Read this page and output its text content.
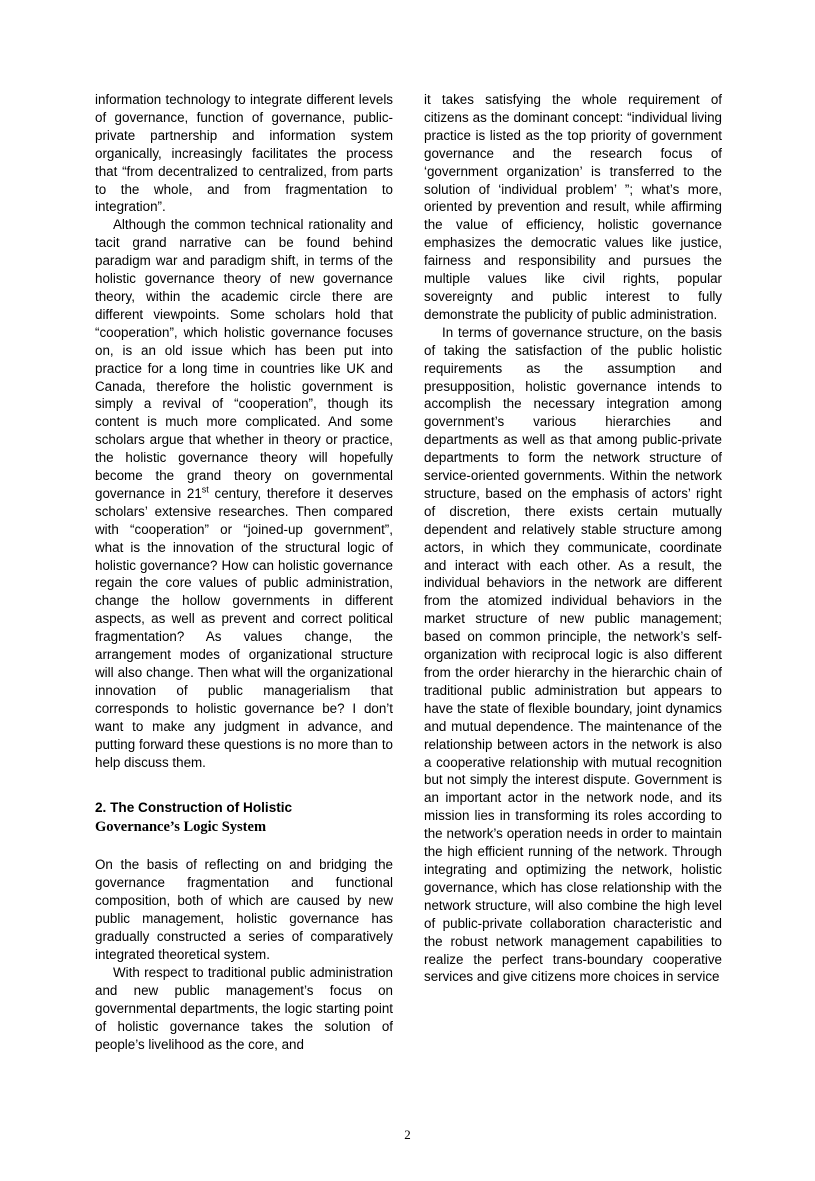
information technology to integrate different levels of governance, function of governance, public-private partnership and information system organically, increasingly facilitates the process that “from decentralized to centralized, from parts to the whole, and from fragmentation to integration”.

Although the common technical rationality and tacit grand narrative can be found behind paradigm war and paradigm shift, in terms of the holistic governance theory of new governance theory, within the academic circle there are different viewpoints. Some scholars hold that “cooperation”, which holistic governance focuses on, is an old issue which has been put into practice for a long time in countries like UK and Canada, therefore the holistic government is simply a revival of “cooperation”, though its content is much more complicated. And some scholars argue that whether in theory or practice, the holistic governance theory will hopefully become the grand theory on governmental governance in 21st century, therefore it deserves scholars’ extensive researches. Then compared with “cooperation” or “joined-up government”, what is the innovation of the structural logic of holistic governance? How can holistic governance regain the core values of public administration, change the hollow governments in different aspects, as well as prevent and correct political fragmentation? As values change, the arrangement modes of organizational structure will also change. Then what will the organizational innovation of public managerialism that corresponds to holistic governance be? I don’t want to make any judgment in advance, and putting forward these questions is no more than to help discuss them.

2. The Construction of Holistic
Governance’s Logic System

On the basis of reflecting on and bridging the governance fragmentation and functional composition, both of which are caused by new public management, holistic governance has gradually constructed a series of comparatively integrated theoretical system.

With respect to traditional public administration and new public management’s focus on governmental departments, the logic starting point of holistic governance takes the solution of people’s livelihood as the core, and

it takes satisfying the whole requirement of citizens as the dominant concept: “individual living practice is listed as the top priority of government governance and the research focus of ‘government organization’ is transferred to the solution of ‘individual problem’ ”; what’s more, oriented by prevention and result, while affirming the value of efficiency, holistic governance emphasizes the democratic values like justice, fairness and responsibility and pursues the multiple values like civil rights, popular sovereignty and public interest to fully demonstrate the publicity of public administration.

In terms of governance structure, on the basis of taking the satisfaction of the public holistic requirements as the assumption and presupposition, holistic governance intends to accomplish the necessary integration among government’s various hierarchies and departments as well as that among public-private departments to form the network structure of service-oriented governments. Within the network structure, based on the emphasis of actors’ right of discretion, there exists certain mutually dependent and relatively stable structure among actors, in which they communicate, coordinate and interact with each other. As a result, the individual behaviors in the network are different from the atomized individual behaviors in the market structure of new public management; based on common principle, the network’s self-organization with reciprocal logic is also different from the order hierarchy in the hierarchic chain of traditional public administration but appears to have the state of flexible boundary, joint dynamics and mutual dependence. The maintenance of the relationship between actors in the network is also a cooperative relationship with mutual recognition but not simply the interest dispute. Government is an important actor in the network node, and its mission lies in transforming its roles according to the network’s operation needs in order to maintain the high efficient running of the network. Through integrating and optimizing the network, holistic governance, which has close relationship with the network structure, will also combine the high level of public-private collaboration characteristic and the robust network management capabilities to realize the perfect trans-boundary cooperative services and give citizens more choices in service

2
